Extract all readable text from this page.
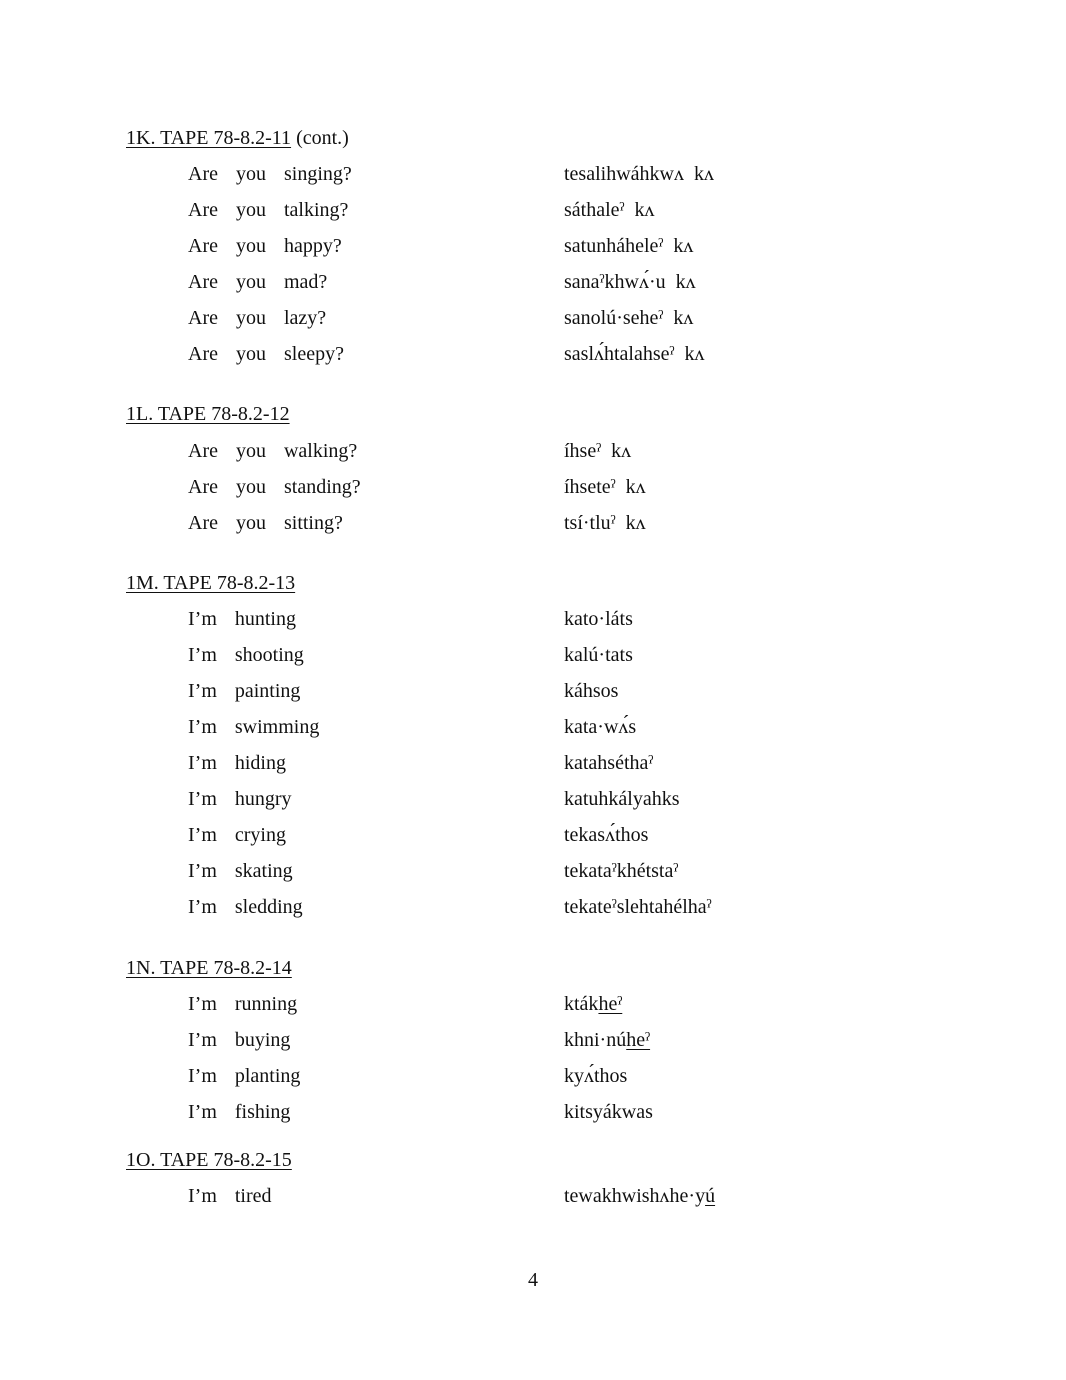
1K. TAPE 78-8.2-11 (cont.)
Are  you  singing?	tesalihwáhkwʌ  kʌ
Are  you  talking?	sáthaleˀ  kʌ
Are  you  happy?	satunháheleˀ  kʌ
Are  you  mad?	sanaˀkhwʌ́·u  kʌ
Are  you  lazy?	sanolú·seheˀ  kʌ
Are  you  sleepy?	saslʌ́htalahseˀ  kʌ
1L. TAPE 78-8.2-12
Are  you  walking?	íhseˀ  kʌ
Are  you  standing?	íhseteˀ  kʌ
Are  you  sitting?	tsí·tluˀ  kʌ
1M. TAPE 78-8.2-13
I’m  hunting	kato·láts
I’m  shooting	kalú·tats
I’m  painting	káhsos
I’m  swimming	kata·wʌ́s
I’m  hiding	katahséthaˀ
I’m  hungry	katuhkályahks
I’m  crying	tekasʌ́thos
I’m  skating	tekataˀkhétstaˀ
I’m  sledding	tekateˀslehtahélhaˀ
1N. TAPE 78-8.2-14
I’m  running	ktákheˀ
I’m  buying	khni·núheˀ
I’m  planting	kyʌ́thos
I’m  fishing	kitsyákwas
1O. TAPE 78-8.2-15
I’m  tired	tewakhwishʌhe·yú
4
